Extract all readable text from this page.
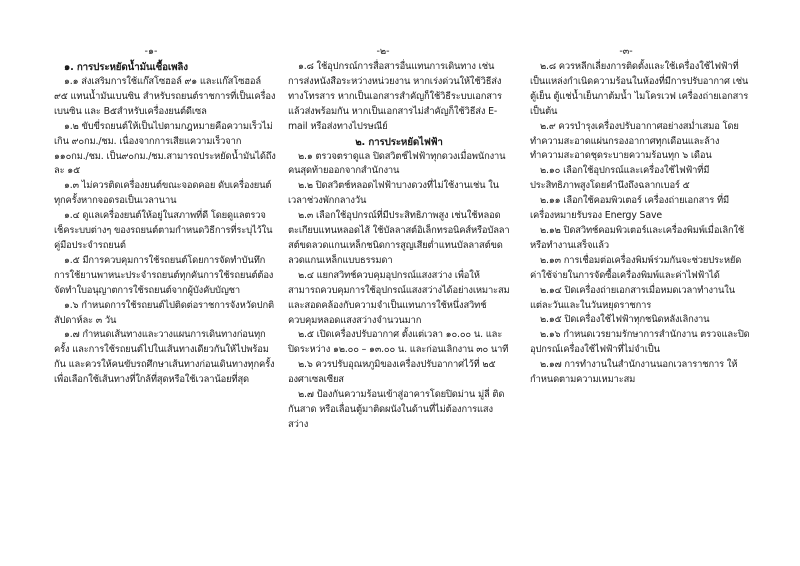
-๑-	-๒-	-๓-
๑. การประหยัดน้ำมันเชื้อเพลิง

๑.๑ ส่งเสริมการใช้แก๊สโซฮอล์ ๙๑ และแก๊สโซฮอล์ ๙๕ แทนน้ำมันเบนซิน สำหรับรถยนต์ราชการที่เป็นเครื่องเบนซิน และ B๕สำหรับเครื่องยนต์ดีเซล

๑.๒ ขับขี่รถยนต์ให้เป็นไปตามกฎหมายคือความเร็วไม่เกิน ๙๐กม./ชม. เนื่องจากการเสียแความเร็วจาก ๑๑๐กม./ชม. เป็น๙๐กม./ชม.สามารถประหยัดน้ำมันได้ถึงละ ๑๕

๑.๓ ไม่ควรติดเครื่องยนต์ขณะจอดคอย ดับเครื่องยนต์ทุกครั้งหากจอดรอเป็นเวลานาน

๑.๔ ดูแลเครื่องยนต์ให้อยู่ในสภาพที่ดี โดยดูแลตรวจเช็คระบบต่างๆ ของรถยนต์ตามกำหนดวิธีการที่ระบุไว้ในคู่มือประจำรถยนต์

๑.๕ มีการควบคุมการใช้รถยนต์โดยการจัดทำบันทึกการใช้ยานพาหนะประจำรถยนต์ทุกคันการใช้รถยนต์ต้องจัดทำใบอนุญาตการใช้รถยนต์จากผู้บังคับบัญชา

๑.๖ กำหนดการใช้รถยนต์ไปติดต่อราชการจังหวัดปกติสัปดาห์ละ ๓ วัน

๑.๗ กำหนดเส้นทางและวางแผนการเดินทางก่อนทุกครั้ง และการใช้รถยนต์ไปในเส้นทางเดียวกันให้ไปพร้อมกัน และควรให้คนขับรถศึกษาเส้นทางก่อนเดินทางทุกครั้งเพื่อเลือกใช้เส้นทางที่ใกล้ที่สุดหรือใช้เวลาน้อยที่สุด

๑.๘ ใช้อุปกรณ์การสื่อสารอื่นแทนการเดินทาง เช่น การส่งหนังสือระหว่างหน่วยงาน หากเร่งด่วนให้ใช้วิธีส่งทางโทรสาร หากเป็นเอกสารสำคัญก็ใช้วิธีระบบเอกสารแล้วส่งพร้อมกัน หากเป็นเอกสารไม่สำคัญก็ใช้วิธีส่ง E-mail หรือส่งทางไปรษณีย์

๒. การประหยัดไฟฟ้า

๒.๑ ตรวจตราดูแล ปิดสวิตช์ไฟฟ้าทุกดวงเมื่อพนักงานคนสุดท้ายออกจากสำนักงาน

๒.๒ ปิดสวิตช์หลอดไฟฟ้าบางดวงที่ไม่ใช้งานเช่น ในเวลาช่วงพักกลางวัน

๒.๓ เลือกใช้อุปกรณ์ที่มีประสิทธิภาพสูง เช่นใช้หลอดตะเกียบแทนหลอดไส้ ใช้บัลลาสต์อิเล็กทรอนิคส์หรือบัลลาสต์ขดลวดแกนเหล็กชนิดการสูญเสียต่ำแทนบัลลาสต์ขดลวดแกนเหล็กแบบธรรมดา

๒.๔ แยกสวิทช์ควบคุมอุปกรณ์แสงสว่าง เพื่อให้สามารถควบคุมการใช้อุปกรณ์แสงสว่างได้อย่างเหมาะสมและสอดคล้องกับความจำเป็นแทนการใช้หนึ่งสวิทช์ควบคุมหลอดแสงสว่างจำนวนมาก

๒.๕ เปิดเครื่องปรับอากาศ ตั้งแต่เวลา ๑๐.๐๐ น. และปิดระหว่าง ๑๒.๐๐ – ๑๓.๐๐ น. และก่อนเลิกงาน ๓๐ นาที

๒.๖ ควรปรับอุณหภูมิของเครื่องปรับอากาศไว้ที่ ๒๕ องศาเซลเซียส

๒.๗ ป้องกันความร้อนเข้าสู่อาคารโดยปิดม่าน มู่ลี่ ติดกันสาด หรือเลื่อนตู้มาติดผนังในด้านที่ไม่ต้องการแสงสว่าง

๒.๘ ควรหลีกเลี่ยงการติดตั้งและใช้เครื่องใช้ไฟฟ้าที่เป็นแหล่งกำเนิดความร้อนในห้องที่มีการปรับอากาศ เช่น ตู้เย็น ตู้แช่น้ำเย็นกาต้มน้ำ ไมโครเวฟ เครื่องถ่ายเอกสาร เป็นต้น

๒.๙ ควรบำรุงเครื่องปรับอากาศอย่างสม่ำเสมอ โดยทำความสะอาดแผ่นกรองอากาศทุกเดือนและล้างทำความสะอาดชุดระบายความร้อนทุก ๖ เดือน

๒.๑๐ เลือกใช้อุปกรณ์และเครื่องใช้ไฟฟ้าที่มีประสิทธิภาพสูงโดยคำนึงถึงฉลากเบอร์ ๕

๒.๑๑ เลือกใช้คอมพิวเตอร์ เครื่องถ่ายเอกสาร ที่มีเครื่องหมายรับรอง Energy Save

๒.๑๒ ปิดสวิทช์คอมพิวเตอร์และเครื่องพิมพ์เมื่อเลิกใช้หรือทำงานเสร็จแล้ว

๒.๑๓ การเชื่อมต่อเครื่องพิมพ์ร่วมกันจะช่วยประหยัดค่าใช้จ่ายในการจัดซื้อเครื่องพิมพ์และค่าไฟฟ้าได้

๒.๑๔ ปิดเครื่องถ่ายเอกสารเมื่อหมดเวลาทำงานในแต่ละวันและในวันหยุดราชการ

๒.๑๕ ปิดเครื่องใช้ไฟฟ้าทุกชนิดหลังเลิกงาน

๒.๑๖ กำหนดเวรยามรักษาการสำนักงาน ตรวจและปิดอุปกรณ์เครื่องใช้ไฟฟ้าที่ไม่จำเป็น

๒.๑๗ การทำงานในสำนักงานนอกเวลาราชการ ให้กำหนดตามความเหมาะสม
